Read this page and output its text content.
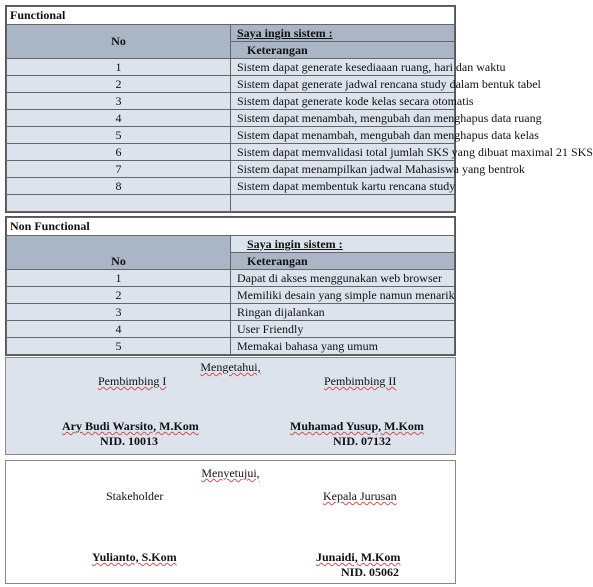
Functional	
No	Saya ingin sistem :
	Keterangan
1	Sistem dapat generate kesediaaan ruang, hari dan waktu
2	Sistem dapat generate jadwal rencana study dalam bentuk tabel
3	Sistem dapat generate kode kelas secara otomatis
4	Sistem dapat menambah, mengubah dan menghapus data ruang
5	Sistem dapat menambah, mengubah dan menghapus data kelas
6	Sistem dapat memvalidasi total jumlah SKS yang dibuat maximal 21 SKS
7	Sistem dapat menampilkan jadwal Mahasiswa yang bentrok
8	Sistem dapat membentuk kartu rencana study

Non Functional	
No	Saya ingin sistem :
	Keterangan
1	Dapat di akses menggunakan web browser
2	Memiliki desain yang simple namun menarik
3	Ringan dijalankan
4	User Friendly
5	Memakai bahasa yang umum
Mengetahui,
Pembimbing I	Pembimbing II
Ary Budi Warsito, M.Kom
NID. 10013
Muhamad Yusup, M.Kom
NID. 07132
Menyetujui,
Stakeholder	Kepala Jurusan
Yulianto, S.Kom	Junaidi, M.Kom
NID. 05062
